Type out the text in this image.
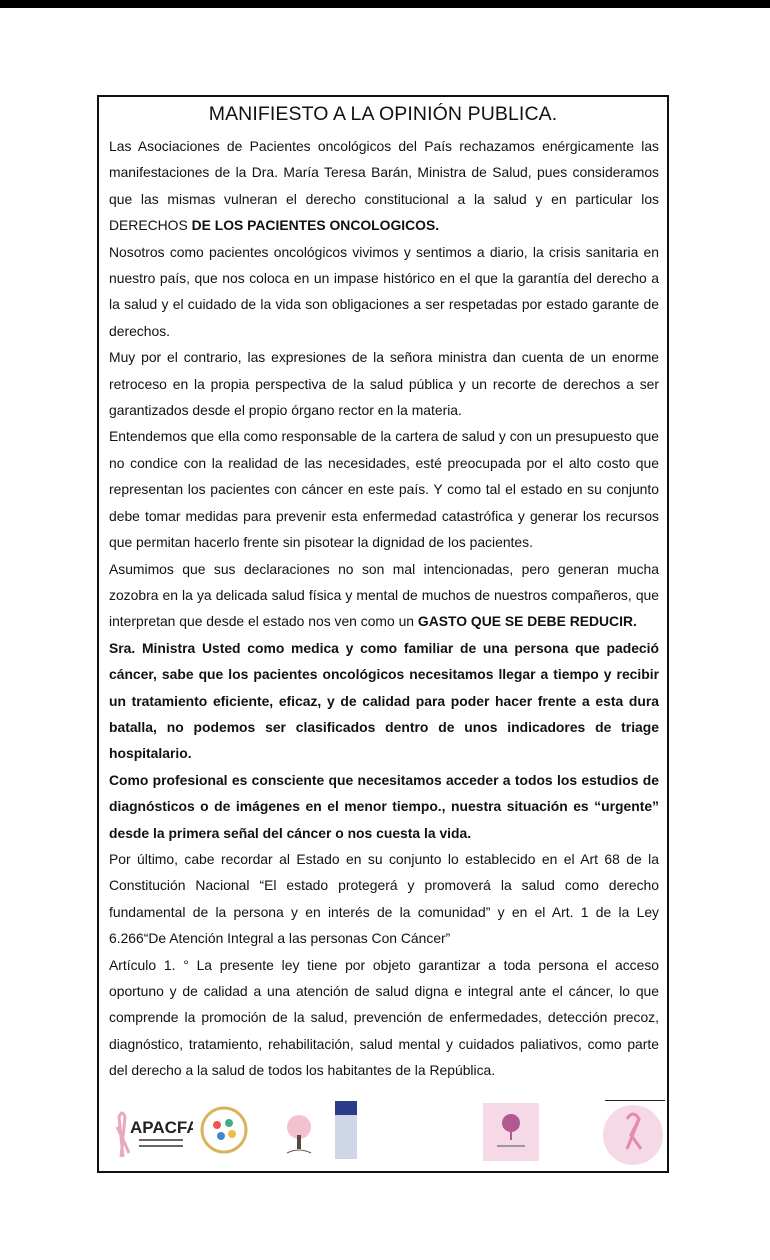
MANIFIESTO A LA OPINIÓN PUBLICA.

Las Asociaciones de Pacientes oncológicos del País rechazamos enérgicamente las manifestaciones de la Dra. María Teresa Barán, Ministra de Salud, pues consideramos que las mismas vulneran el derecho constitucional a la salud y en particular los DERECHOS DE LOS PACIENTES ONCOLOGICOS.

Nosotros como pacientes oncológicos vivimos y sentimos a diario, la crisis sanitaria en nuestro país, que nos coloca en un impase histórico en el que la garantía del derecho a la salud y el cuidado de la vida son obligaciones a ser respetadas por estado garante de derechos.

Muy por el contrario, las expresiones de la señora ministra dan cuenta de un enorme retroceso en la propia perspectiva de la salud pública y un recorte de derechos a ser garantizados desde el propio órgano rector en la materia.

Entendemos que ella como responsable de la cartera de salud y con un presupuesto que no condice con la realidad de las necesidades, esté preocupada por el alto costo que representan los pacientes con cáncer en este país. Y como tal el estado en su conjunto debe tomar medidas para prevenir esta enfermedad catastrófica y generar los recursos que permitan hacerlo frente sin pisotear la dignidad de los pacientes.

Asumimos que sus declaraciones no son mal intencionadas, pero generan mucha zozobra en la ya delicada salud física y mental de muchos de nuestros compañeros, que interpretan que desde el estado nos ven como un GASTO QUE SE DEBE REDUCIR.

Sra. Ministra Usted como medica y como familiar de una persona que padeció cáncer, sabe que los pacientes oncológicos necesitamos llegar a tiempo y recibir un tratamiento eficiente, eficaz, y de calidad para poder hacer frente a esta dura batalla, no podemos ser clasificados dentro de unos indicadores de triage hospitalario.

Como profesional es consciente que necesitamos acceder a todos los estudios de diagnósticos o de imágenes en el menor tiempo., nuestra situación es “urgente” desde la primera señal del cáncer o nos cuesta la vida.

Por último, cabe recordar al Estado en su conjunto lo establecido en el Art 68 de la Constitución Nacional “El estado protegerá y promoverá la salud como derecho fundamental de la persona y en interés de la comunidad” y en el Art. 1 de la Ley 6.266“De Atención Integral a las personas Con Cáncer”

Artículo 1. ° La presente ley tiene por objeto garantizar a toda persona el acceso oportuno y de calidad a una atención de salud digna e integral ante el cáncer, lo que comprende la promoción de la salud, prevención de enfermedades, detección precoz, diagnóstico, tratamiento, rehabilitación, salud mental y cuidados paliativos, como parte del derecho a la salud de todos los habitantes de la República.

APACFA
